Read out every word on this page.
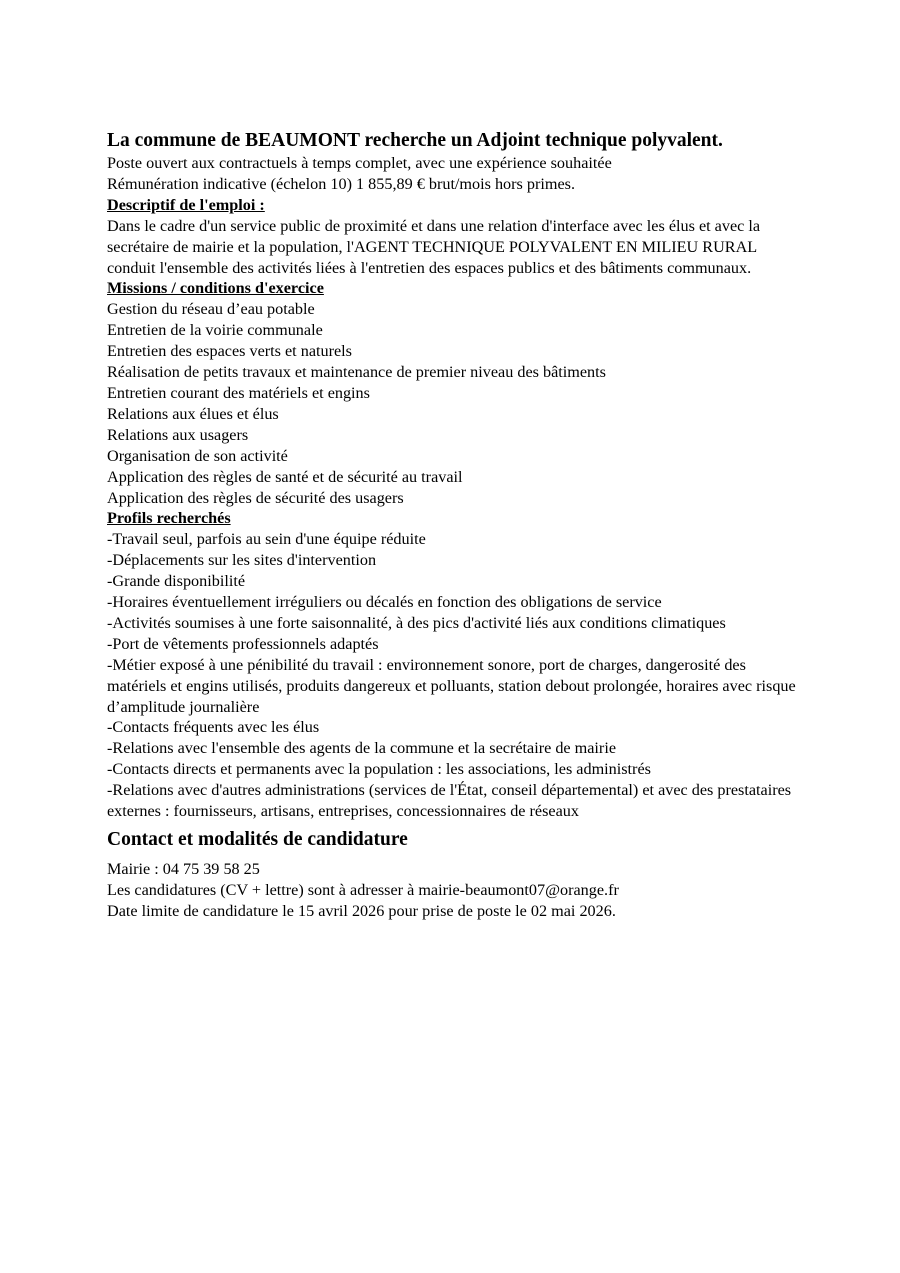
La commune de BEAUMONT recherche un Adjoint technique polyvalent.

Poste ouvert aux contractuels à temps complet, avec une expérience souhaitée

Rémunération indicative (échelon 10) 1 855,89 € brut/mois hors primes.

Descriptif de l'emploi :

Dans le cadre d'un service public de proximité et dans une relation d'interface avec les élus et avec la secrétaire de mairie et la population, l'AGENT TECHNIQUE POLYVALENT EN MILIEU RURAL conduit l'ensemble des activités liées à l'entretien des espaces publics et des bâtiments communaux.

Missions / conditions d'exercice

Gestion du réseau d’eau potable
Entretien de la voirie communale
Entretien des espaces verts et naturels
Réalisation de petits travaux et maintenance de premier niveau des bâtiments
Entretien courant des matériels et engins
Relations aux élues et élus
Relations aux usagers
Organisation de son activité
Application des règles de santé et de sécurité au travail
Application des règles de sécurité des usagers

Profils recherchés

-Travail seul, parfois au sein d'une équipe réduite
-Déplacements sur les sites d'intervention
-Grande disponibilité
-Horaires éventuellement irréguliers ou décalés en fonction des obligations de service
-Activités soumises à une forte saisonnalité, à des pics d'activité liés aux conditions climatiques
-Port de vêtements professionnels adaptés
-Métier exposé à une pénibilité du travail : environnement sonore, port de charges, dangerosité des matériels et engins utilisés, produits dangereux et polluants, station debout prolongée, horaires avec risque d’amplitude journalière
-Contacts fréquents avec les élus
-Relations avec l'ensemble des agents de la commune et la secrétaire de mairie
-Contacts directs et permanents avec la population : les associations, les administrés
-Relations avec d'autres administrations (services de l'État, conseil départemental) et avec des prestataires externes : fournisseurs, artisans, entreprises, concessionnaires de réseaux
Contact et modalités de candidature

Mairie : 04 75 39 58 25

Les candidatures (CV + lettre) sont à adresser à mairie-beaumont07@orange.fr

Date limite de candidature le 15 avril 2026 pour prise de poste le 02 mai 2026.
